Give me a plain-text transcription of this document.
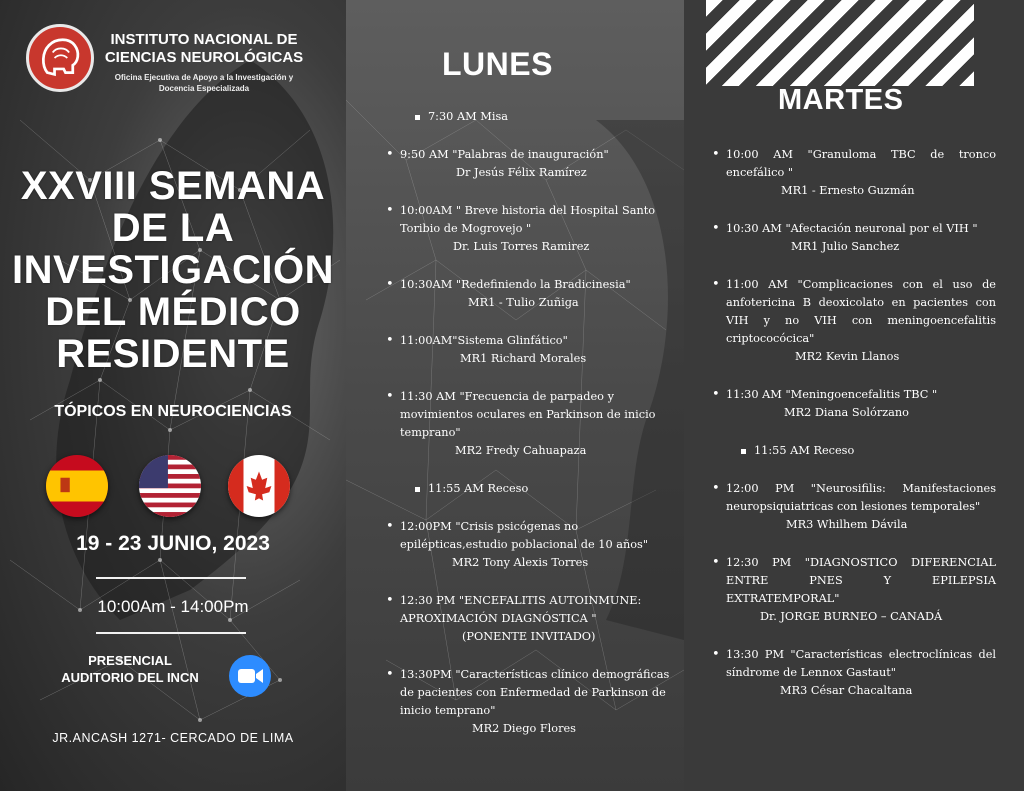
INSTITUTO NACIONAL DE CIENCIAS NEUROLÓGICAS
Oficina Ejecutiva de Apoyo a la Investigación y Docencia Especializada
XXVIII SEMANA DE LA INVESTIGACIÓN DEL MÉDICO RESIDENTE
TÓPICOS EN NEUROCIENCIAS
19 - 23 JUNIO, 2023
10:00Am - 14:00Pm
PRESENCIAL
AUDITORIO DEL INCN
JR.ANCASH 1271- CERCADO DE LIMA
LUNES
7:30 AM Misa
• 9:50 AM "Palabras de inauguración"
Dr Jesús Félix Ramírez
• 10:00AM " Breve historia del Hospital Santo Toribio de Mogrovejo "
Dr. Luis Torres Ramirez
• 10:30AM "Redefiniendo la Bradicinesia"
MR1 - Tulio Zuñiga
• 11:00AM"Sistema Glinfático"
MR1 Richard Morales
• 11:30 AM "Frecuencia de parpadeo y movimientos oculares en Parkinson de inicio temprano"
MR2 Fredy Cahuapaza
11:55 AM Receso
• 12:00PM "Crisis psicógenas no epilépticas,estudio poblacional de 10 años"
MR2 Tony Alexis Torres
• 12:30 PM "ENCEFALITIS AUTOINMUNE: APROXIMACIÓN DIAGNÓSTICA "
(PONENTE INVITADO)
• 13:30PM "Características clínico demográficas de pacientes con Enfermedad de Parkinson de inicio temprano"
MR2 Diego Flores
MARTES
• 10:00 AM "Granuloma TBC de tronco encefálico "
MR1 - Ernesto Guzmán
• 10:30 AM "Afectación neuronal por el VIH "
MR1 Julio Sanchez
• 11:00 AM "Complicaciones con el uso de anfotericina B deoxicolato en pacientes con VIH y no VIH con meningoencefalitis criptococócica"
MR2 Kevin Llanos
• 11:30 AM "Meningoencefalitis TBC "
MR2 Diana Solórzano
11:55 AM Receso
• 12:00 PM "Neurosifilis: Manifestaciones neuropsiquiatricas con lesiones temporales"
MR3 Whilhem Dávila
• 12:30 PM "DIAGNOSTICO DIFERENCIAL ENTRE PNES Y EPILEPSIA EXTRATEMPORAL"
Dr. JORGE BURNEO – CANADÁ
• 13:30 PM "Características electroclínicas del síndrome de Lennox Gastaut"
MR3 César Chacaltana
